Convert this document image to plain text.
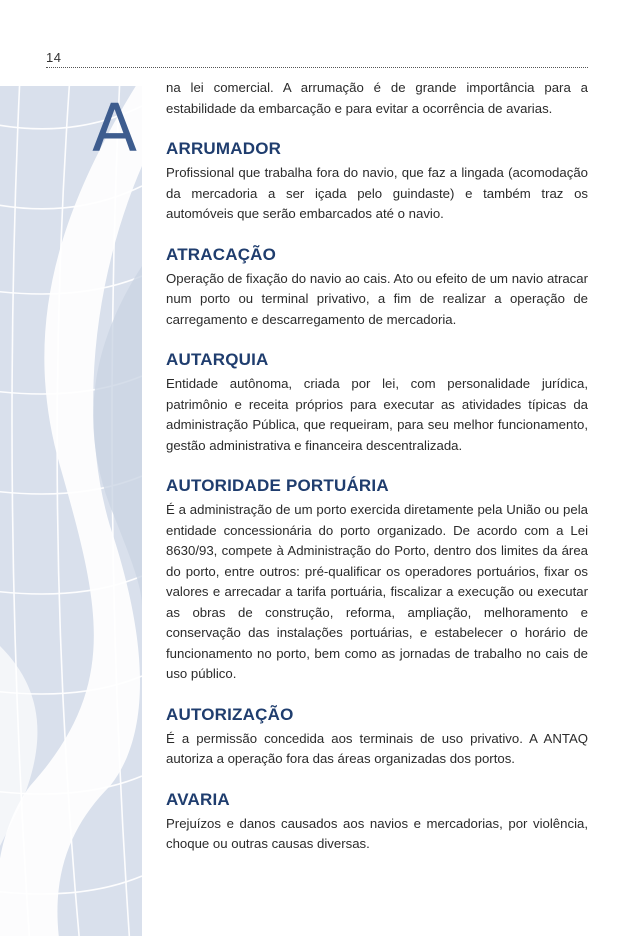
14
A

na lei comercial. A arrumação é de grande importância para a estabilidade da embarcação e para evitar a ocorrência de avarias.

ARRUMADOR

Profissional que trabalha fora do navio, que faz a lingada (acomodação da mercadoria a ser içada pelo guindaste) e também traz os automóveis que serão embarcados até o navio.

ATRACAÇÃO

Operação de fixação do navio ao cais. Ato ou efeito de um navio atracar num porto ou terminal privativo, a fim de realizar a operação de carregamento e descarregamento de mercadoria.

AUTARQUIA

Entidade autônoma, criada por lei, com personalidade jurídica, patrimônio e receita próprios para executar as atividades típicas da administração Pública, que requeiram, para seu melhor funcionamento, gestão administrativa e financeira descentralizada.

AUTORIDADE PORTUÁRIA

É a administração de um porto exercida diretamente pela União ou pela entidade concessionária do porto organizado. De acordo com a Lei 8630/93, compete à Administração do Porto, dentro dos limites da área do porto, entre outros: pré-qualificar os operadores portuários, fixar os valores e arrecadar a tarifa portuária, fiscalizar a execução ou executar as obras de construção, reforma, ampliação, melhoramento e conservação das instalações portuárias, e estabelecer o horário de funcionamento no porto, bem como as jornadas de trabalho no cais de uso público.

AUTORIZAÇÃO

É a permissão concedida aos terminais de uso privativo. A ANTAQ autoriza a operação fora das áreas organizadas dos portos.

AVARIA

Prejuízos e danos causados aos navios e mercadorias, por violência, choque ou outras causas diversas.
